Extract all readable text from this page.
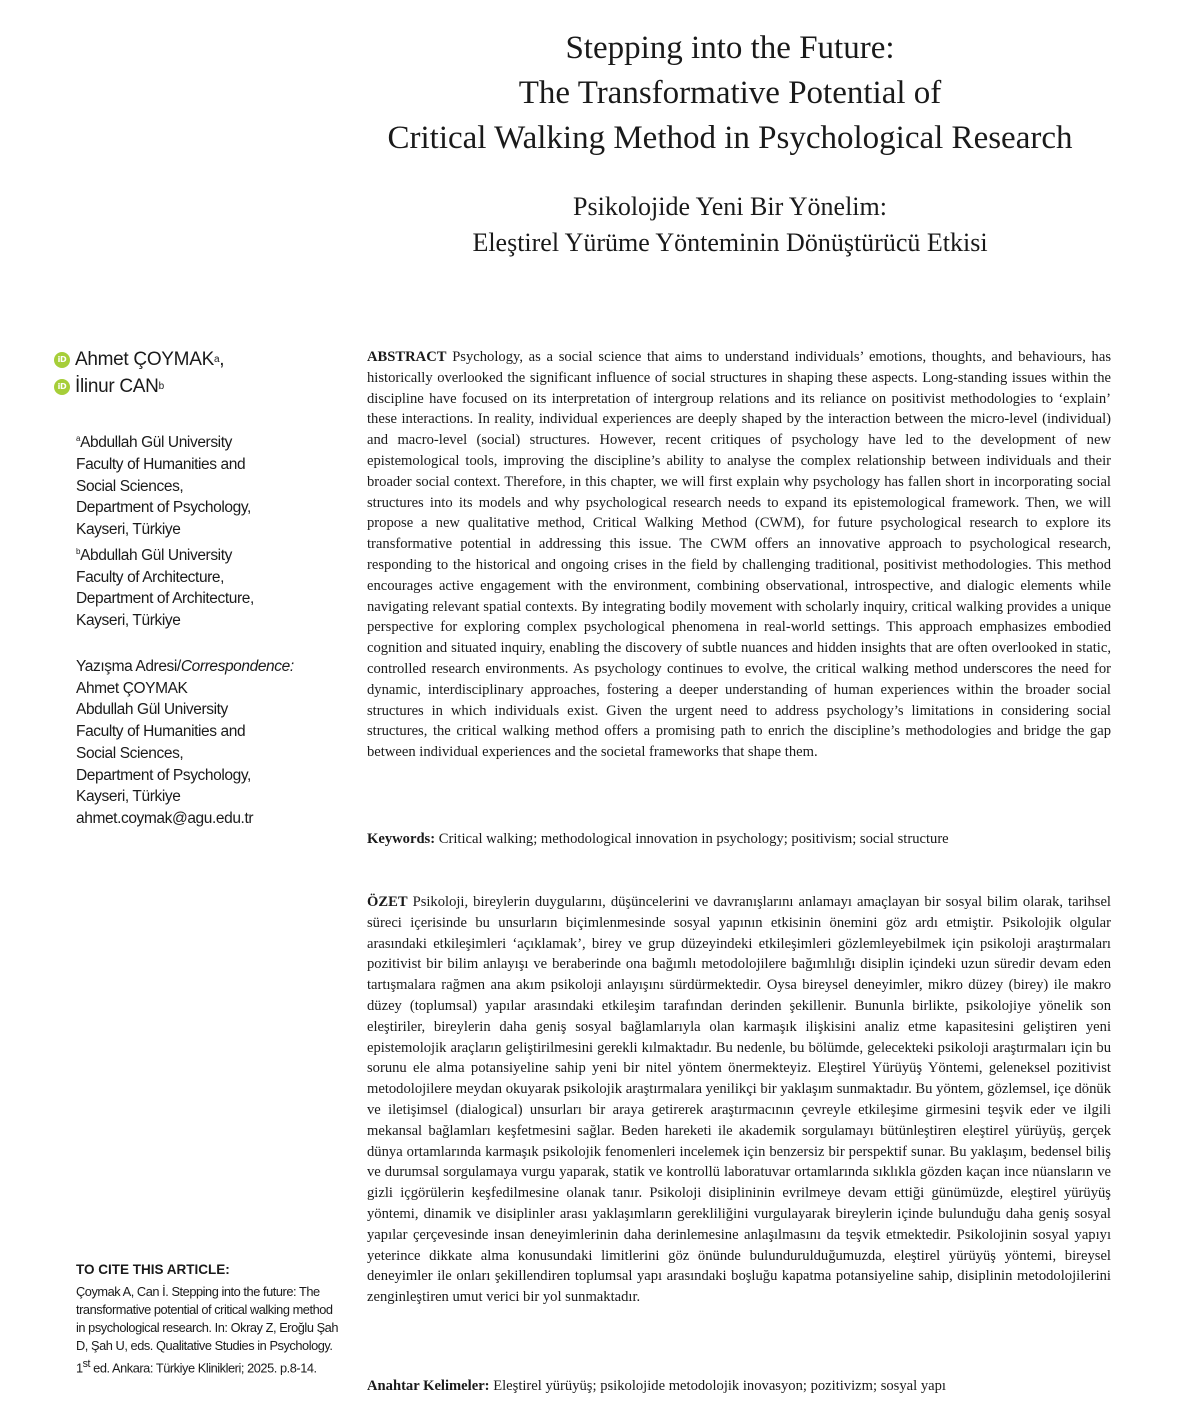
Stepping into the Future:
The Transformative Potential of
Critical Walking Method in Psychological Research
Psikolojide Yeni Bir Yönelim:
Eleştirel Yürüme Yönteminin Dönüştürücü Etkisi
iD
Ahmet ÇOYMAK a ,
iD
İlinur CAN b
$^a$Abdullah Gül University
Faculty of Humanities and
Social Sciences,
Department of Psychology,
Kayseri, Türkiye
$^b$Abdullah Gül University
Faculty of Architecture,
Department of Architecture,
Kayseri, Türkiye
Yazışma Adresi/Correspondence:
Ahmet ÇOYMAK
Abdullah Gül University
Faculty of Humanities and
Social Sciences,
Department of Psychology,
Kayseri, Türkiye
ahmet.coymak@agu.edu.tr
TO CITE THIS ARTICLE:
Çoymak A, Can İ. Stepping into the future: The transformative potential of critical walking method in psychological research. In: Okray Z, Eroğlu Şah D, Şah U, eds. Qualitative Studies in Psychology. 1st ed. Ankara: Türkiye Klinikleri; 2025. p.8-14.

ABSTRACT Psychology, as a social science that aims to understand individuals’ emotions, thoughts, and behaviours, has historically overlooked the significant influence of social structures in shaping these aspects. Long-standing issues within the discipline have focused on its interpretation of intergroup relations and its reliance on positivist methodologies to ‘explain’ these interactions. In reality, individual experiences are deeply shaped by the interaction between the micro-level (individual) and macro-level (social) structures. However, recent critiques of psychology have led to the development of new epistemological tools, improving the discipline’s ability to analyse the complex relationship between individuals and their broader social context. Therefore, in this chapter, we will first explain why psychology has fallen short in incorporating social structures into its models and why psychological research needs to expand its epistemological framework. Then, we will propose a new qualitative method, Critical Walking Method (CWM), for future psychological research to explore its transformative potential in addressing this issue. The CWM offers an innovative approach to psychological research, responding to the historical and ongoing crises in the field by challenging traditional, positivist methodologies. This method encourages active engagement with the environment, combining observational, introspective, and dialogic elements while navigating relevant spatial contexts. By integrating bodily movement with scholarly inquiry, critical walking provides a unique perspective for exploring complex psychological phenomena in real-world settings. This approach emphasizes embodied cognition and situated inquiry, enabling the discovery of subtle nuances and hidden insights that are often overlooked in static, controlled research environments. As psychology continues to evolve, the critical walking method underscores the need for dynamic, interdisciplinary approaches, fostering a deeper understanding of human experiences within the broader social structures in which individuals exist. Given the urgent need to address psychology’s limitations in considering social structures, the critical walking method offers a promising path to enrich the discipline’s methodologies and bridge the gap between individual experiences and the societal frameworks that shape them.

Keywords: Critical walking; methodological innovation in psychology; positivism; social structure

ÖZET Psikoloji, bireylerin duygularını, düşüncelerini ve davranışlarını anlamayı amaçlayan bir sosyal bilim olarak, tarihsel süreci içerisinde bu unsurların biçimlenmesinde sosyal yapının etkisinin önemini göz ardı etmiştir. Psikolojik olgular arasındaki etkileşimleri ‘açıklamak’, birey ve grup düzeyindeki etkileşimleri gözlemleyebilmek için psikoloji araştırmaları pozitivist bir bilim anlayışı ve beraberinde ona bağımlı metodolojilere bağımlılığı disiplin içindeki uzun süredir devam eden tartışmalara rağmen ana akım psikoloji anlayışını sürdürmektedir. Oysa bireysel deneyimler, mikro düzey (birey) ile makro düzey (toplumsal) yapılar arasındaki etkileşim tarafından derinden şekillenir. Bununla birlikte, psikolojiye yönelik son eleştiriler, bireylerin daha geniş sosyal bağlamlarıyla olan karmaşık ilişkisini analiz etme kapasitesini geliştiren yeni epistemolojik araçların geliştirilmesini gerekli kılmaktadır. Bu nedenle, bu bölümde, gelecekteki psikoloji araştırmaları için bu sorunu ele alma potansiyeline sahip yeni bir nitel yöntem önermekteyiz. Eleştirel Yürüyüş Yöntemi, geleneksel pozitivist metodolojilere meydan okuyarak psikolojik araştırmalara yenilikçi bir yaklaşım sunmaktadır. Bu yöntem, gözlemsel, içe dönük ve iletişimsel (dialogical) unsurları bir araya getirerek araştırmacının çevreyle etkileşime girmesini teşvik eder ve ilgili mekansal bağlamları keşfetmesini sağlar. Beden hareketi ile akademik sorgulamayı bütünleştiren eleştirel yürüyüş, gerçek dünya ortamlarında karmaşık psikolojik fenomenleri incelemek için benzersiz bir perspektif sunar. Bu yaklaşım, bedensel biliş ve durumsal sorgulamaya vurgu yaparak, statik ve kontrollü laboratuvar ortamlarında sıklıkla gözden kaçan ince nüansların ve gizli içgörülerin keşfedilmesine olanak tanır. Psikoloji disiplininin evrilmeye devam ettiği günümüzde, eleştirel yürüyüş yöntemi, dinamik ve disiplinler arası yaklaşımların gerekliliğini vurgulayarak bireylerin içinde bulunduğu daha geniş sosyal yapılar çerçevesinde insan deneyimlerinin daha derinlemesine anlaşılmasını da teşvik etmektedir. Psikolojinin sosyal yapıyı yeterince dikkate alma konusundaki limitlerini göz önünde bulundurulduğumuzda, eleştirel yürüyüş yöntemi, bireysel deneyimler ile onları şekillendiren toplumsal yapı arasındaki boşluğu kapatma potansiyeline sahip, disiplinin metodolojilerini zenginleştiren umut verici bir yol sunmaktadır.

Anahtar Kelimeler: Eleştirel yürüyüş; psikolojide metodolojik inovasyon; pozitivizm; sosyal yapı
